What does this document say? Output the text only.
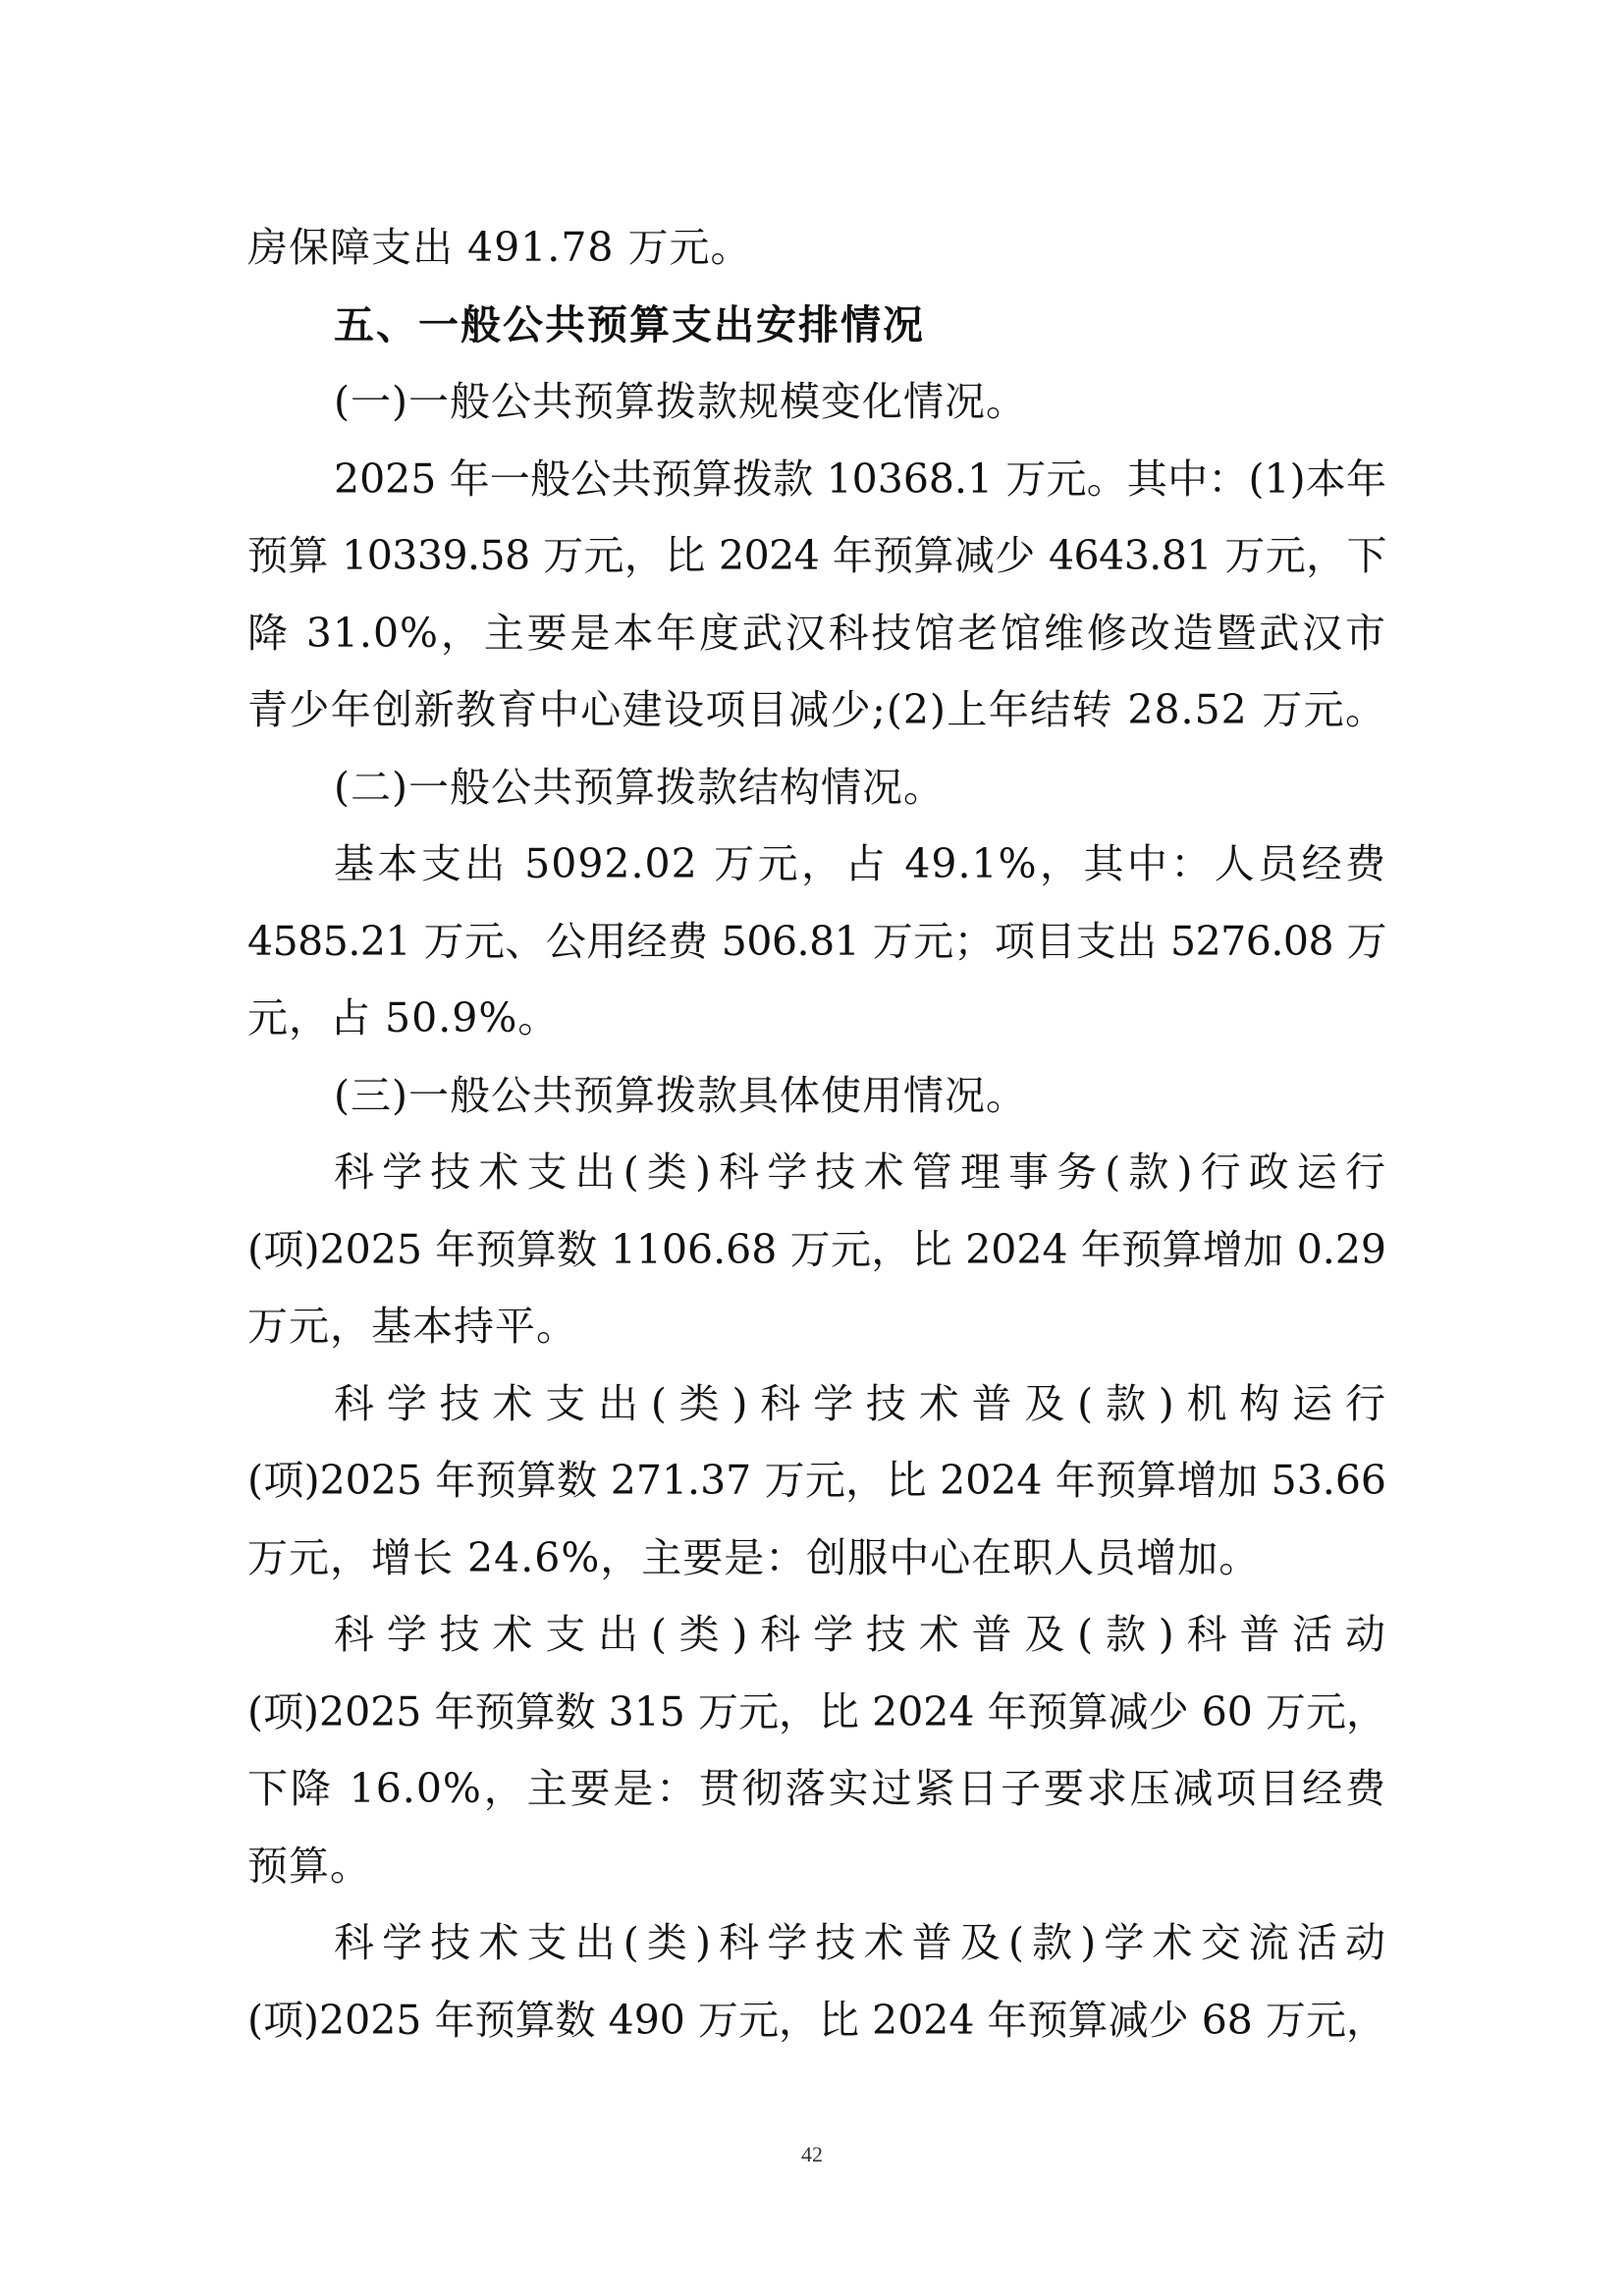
房保障支出 491.78 万元。
五、一般公共预算支出安排情况
(一)一般公共预算拨款规模变化情况。
2025 年一般公共预算拨款 10368.1 万元。其中：(1)本年
预算 10339.58 万元，比 2024 年预算减少 4643.81 万元，下
降 31.0%，主要是本年度武汉科技馆老馆维修改造暨武汉市
青少年创新教育中心建设项目减少;(2)上年结转 28.52 万元。
(二)一般公共预算拨款结构情况。
基本支出 5092.02 万元，占 49.1%，其中：人员经费
4585.21 万元、公用经费 506.81 万元；项目支出 5276.08 万
元，占 50.9%。
(三)一般公共预算拨款具体使用情况。
科学技术支出(类)科学技术管理事务(款)行政运行
(项)2025 年预算数 1106.68 万元，比 2024 年预算增加 0.29
万元，基本持平。
科学技术支出(类)科学技术普及(款)机构运行
(项)2025 年预算数 271.37 万元，比 2024 年预算增加 53.66
万元，增长 24.6%，主要是：创服中心在职人员增加。
科学技术支出(类)科学技术普及(款)科普活动
(项)2025 年预算数 315 万元，比 2024 年预算减少 60 万元，
下降 16.0%，主要是：贯彻落实过紧日子要求压减项目经费
预算。
科学技术支出(类)科学技术普及(款)学术交流活动
(项)2025 年预算数 490 万元，比 2024 年预算减少 68 万元，
42
